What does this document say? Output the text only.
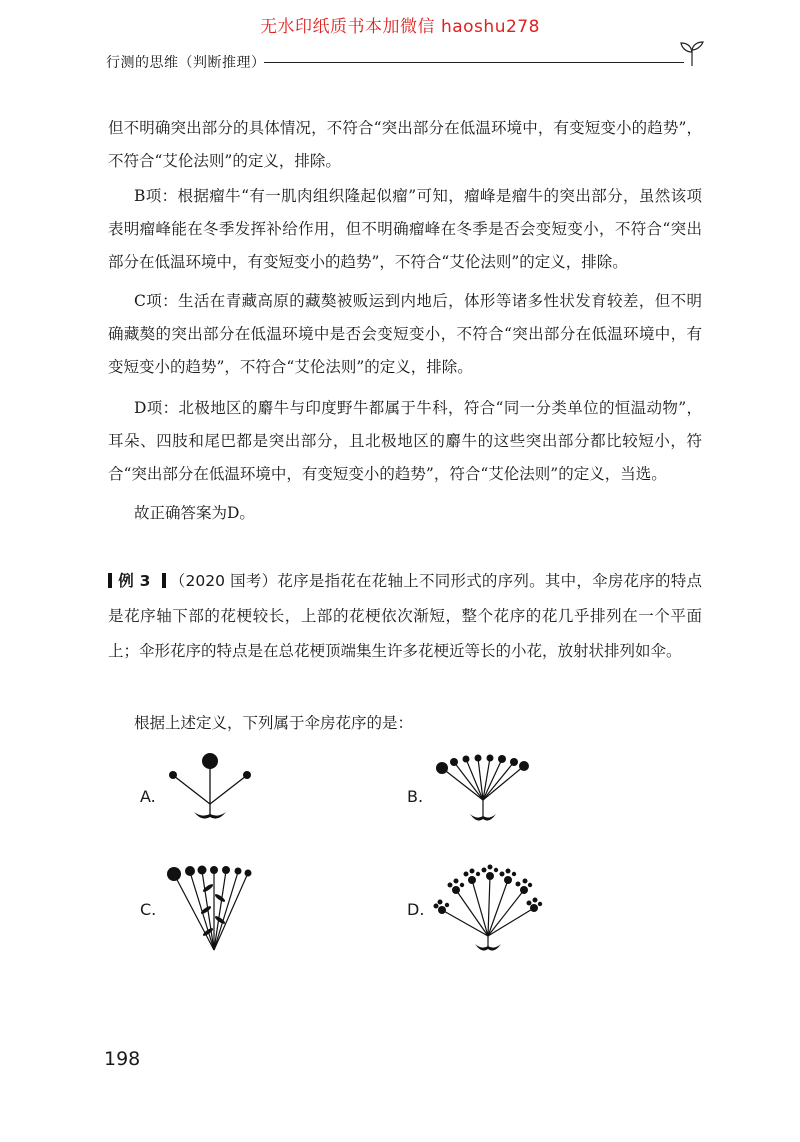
无水印纸质书本加微信 haoshu278
行测的思维（判断推理）

但不明确突出部分的具体情况，不符合“突出部分在低温环境中，有变短变小的趋势”，不符合“艾伦法则”的定义，排除。

B项：根据瘤牛“有一肌肉组织隆起似瘤”可知，瘤峰是瘤牛的突出部分，虽然该项表明瘤峰能在冬季发挥补给作用，但不明确瘤峰在冬季是否会变短变小，不符合“突出部分在低温环境中，有变短变小的趋势”，不符合“艾伦法则”的定义，排除。

C项：生活在青藏高原的藏獒被贩运到内地后，体形等诸多性状发育较差，但不明确藏獒的突出部分在低温环境中是否会变短变小，不符合“突出部分在低温环境中，有变短变小的趋势”，不符合“艾伦法则”的定义，排除。

D项：北极地区的麝牛与印度野牛都属于牛科，符合“同一分类单位的恒温动物”，耳朵、四肢和尾巴都是突出部分，且北极地区的麝牛的这些突出部分都比较短小，符合“突出部分在低温环境中，有变短变小的趋势”，符合“艾伦法则”的定义，当选。

故正确答案为D。

例 3 （2020 国考）花序是指花在花轴上不同形式的序列。其中，伞房花序的特点是花序轴下部的花梗较长，上部的花梗依次渐短，整个花序的花几乎排列在一个平面上；伞形花序的特点是在总花梗顶端集生许多花梗近等长的小花，放射状排列如伞。

根据上述定义，下列属于伞房花序的是：

A.	B.
C.	D.
198
